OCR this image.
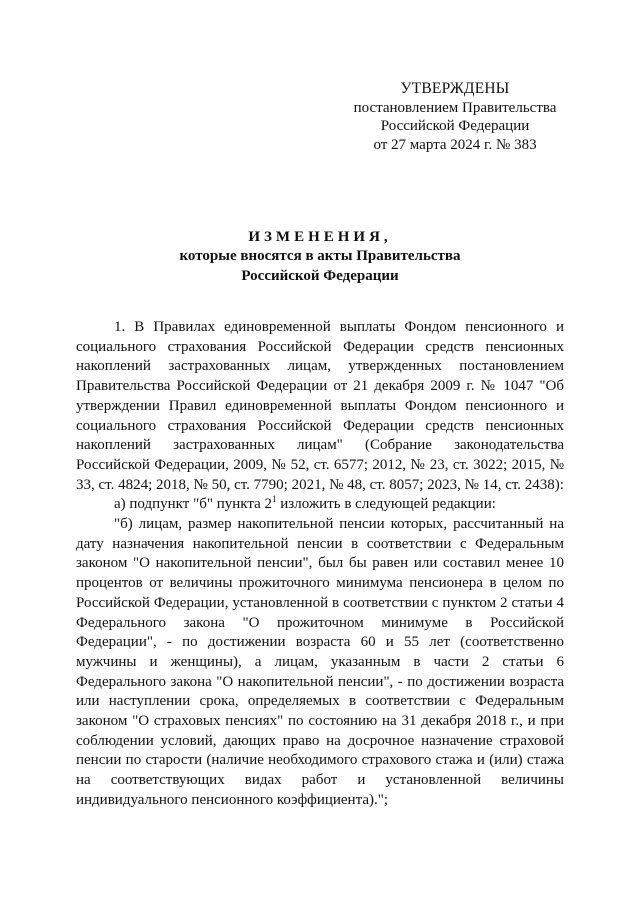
УТВЕРЖДЕНЫ
постановлением Правительства
Российской Федерации
от 27 марта 2024 г. № 383
ИЗМЕНЕНИЯ,
которые вносятся в акты Правительства
Российской Федерации

1. В Правилах единовременной выплаты Фондом пенсионного и социального страхования Российской Федерации средств пенсионных накоплений застрахованных лицам, утвержденных постановлением Правительства Российской Федерации от 21 декабря 2009 г. № 1047 "Об утверждении Правил единовременной выплаты Фондом пенсионного и социального страхования Российской Федерации средств пенсионных накоплений застрахованных лицам" (Собрание законодательства Российской Федерации, 2009, № 52, ст. 6577; 2012, № 23, ст. 3022; 2015, № 33, ст. 4824; 2018, № 50, ст. 7790; 2021, № 48, ст. 8057; 2023, № 14, ст. 2438):

а) подпункт "б" пункта $2^1$ изложить в следующей редакции:

"б) лицам, размер накопительной пенсии которых, рассчитанный на дату назначения накопительной пенсии в соответствии с Федеральным законом "О накопительной пенсии", был бы равен или составил менее 10 процентов от величины прожиточного минимума пенсионера в целом по Российской Федерации, установленной в соответствии с пунктом 2 статьи 4 Федерального закона "О прожиточном минимуме в Российской Федерации", - по достижении возраста 60 и 55 лет (соответственно мужчины и женщины), а лицам, указанным в части 2 статьи 6 Федерального закона "О накопительной пенсии", - по достижении возраста или наступлении срока, определяемых в соответствии с Федеральным законом "О страховых пенсиях" по состоянию на 31 декабря 2018 г., и при соблюдении условий, дающих право на досрочное назначение страховой пенсии по старости (наличие необходимого страхового стажа и (или) стажа на соответствующих видах работ и установленной величины индивидуального пенсионного коэффициента).";
